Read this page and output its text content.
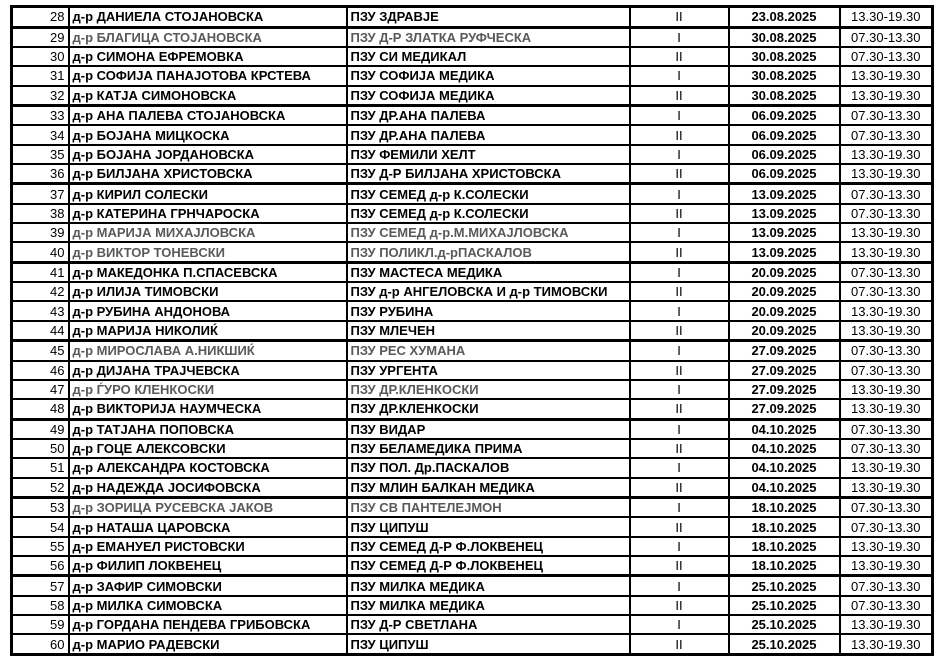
28	д-р ДАНИЕЛА СТОЈАНОВСКА	ПЗУ ЗДРАВЈЕ	II	23.08.2025	13.30-19.30
29	д-р БЛАГИЦА СТОЈАНОВСКА	ПЗУ Д-Р ЗЛАТКА РУФЧЕСКА	I	30.08.2025	07.30-13.30
30	д-р СИМОНА ЕФРЕМОВКА	ПЗУ СИ МЕДИКАЛ	II	30.08.2025	07.30-13.30
31	д-р СОФИЈА ПАНАЈОТОВА КРСТЕВА	ПЗУ СОФИЈА МЕДИКА	I	30.08.2025	13.30-19.30
32	д-р КАТЈА СИМОНОВСКА	ПЗУ СОФИЈА МЕДИКА	II	30.08.2025	13.30-19.30
33	д-р АНА ПАЛЕВА СТОЈАНОВСКА	ПЗУ ДР.АНА ПАЛЕВА	I	06.09.2025	07.30-13.30
34	д-р БОЈАНА МИЦКОСКА	ПЗУ ДР.АНА ПАЛЕВА	II	06.09.2025	07.30-13.30
35	д-р БОЈАНА ЈОРДАНОВСКА	ПЗУ ФЕМИЛИ ХЕЛТ	I	06.09.2025	13.30-19.30
36	д-р БИЛЈАНА ХРИСТОВСКА	ПЗУ Д-Р БИЛЈАНА ХРИСТОВСКА	II	06.09.2025	13.30-19.30
37	д-р КИРИЛ СОЛЕСКИ	ПЗУ СЕМЕД д-р К.СОЛЕСКИ	I	13.09.2025	07.30-13.30
38	д-р КАТЕРИНА ГРНЧАРОСКА	ПЗУ СЕМЕД д-р К.СОЛЕСКИ	II	13.09.2025	07.30-13.30
39	д-р МАРИЈА МИХАЈЛОВСКА	ПЗУ СЕМЕД д-р.М.МИХАЈЛОВСКА	I	13.09.2025	13.30-19.30
40	д-р ВИКТОР ТОНЕВСКИ	ПЗУ ПОЛИКЛ.д-рПАСКАЛОВ	II	13.09.2025	13.30-19.30
41	д-р МАКЕДОНКА П.СПАСЕВСКА	ПЗУ МАСТЕСА МЕДИКА	I	20.09.2025	07.30-13.30
42	д-р ИЛИЈА ТИМОВСКИ	ПЗУ д-р АНГЕЛОВСКА И д-р ТИМОВСКИ	II	20.09.2025	07.30-13.30
43	д-р РУБИНА АНДОНОВА	ПЗУ РУБИНА	I	20.09.2025	13.30-19.30
44	д-р МАРИЈА НИКОЛИЌ	ПЗУ МЛЕЧЕН	II	20.09.2025	13.30-19.30
45	д-р МИРОСЛАВА А.НИКШИЌ	ПЗУ РЕС ХУМАНА	I	27.09.2025	07.30-13.30
46	д-р ДИЈАНА ТРАЈЧЕВСКА	ПЗУ УРГЕНТА	II	27.09.2025	07.30-13.30
47	д-р ЃУРО КЛЕНКОСКИ	ПЗУ ДР.КЛЕНКОСКИ	I	27.09.2025	13.30-19.30
48	д-р ВИКТОРИЈА НАУМЧЕСКА	ПЗУ ДР.КЛЕНКОСКИ	II	27.09.2025	13.30-19.30
49	д-р ТАТЈАНА ПОПОВСКА	ПЗУ ВИДАР	I	04.10.2025	07.30-13.30
50	д-р ГОЦЕ АЛЕКСОВСКИ	ПЗУ БЕЛАМЕДИКА ПРИМА	II	04.10.2025	07.30-13.30
51	д-р АЛЕКСАНДРА КОСТОВСКА	ПЗУ ПОЛ. Др.ПАСКАЛОВ	I	04.10.2025	13.30-19.30
52	д-р НАДЕЖДА ЈОСИФОВСКА	ПЗУ МЛИН БАЛКАН МЕДИКА	II	04.10.2025	13.30-19.30
53	д-р ЗОРИЦА РУСЕВСКА ЈАКОВ	ПЗУ СВ ПАНТЕЛЕЈМОН	I	18.10.2025	07.30-13.30
54	д-р НАТАША ЦАРОВСКА	ПЗУ ЦИПУШ	II	18.10.2025	07.30-13.30
55	д-р ЕМАНУЕЛ РИСТОВСКИ	ПЗУ СЕМЕД Д-Р Ф.ЛОКВЕНЕЦ	I	18.10.2025	13.30-19.30
56	д-р ФИЛИП ЛОКВЕНЕЦ	ПЗУ СЕМЕД Д-Р Ф.ЛОКВЕНЕЦ	II	18.10.2025	13.30-19.30
57	д-р ЗАФИР СИМОВСКИ	ПЗУ МИЛКА МЕДИКА	I	25.10.2025	07.30-13.30
58	д-р МИЛКА СИМОВСКА	ПЗУ МИЛКА МЕДИКА	II	25.10.2025	07.30-13.30
59	д-р ГОРДАНА ПЕНДЕВА ГРИБОВСКА	ПЗУ Д-Р СВЕТЛАНА	I	25.10.2025	13.30-19.30
60	д-р МАРИО РАДЕВСКИ	ПЗУ ЦИПУШ	II	25.10.2025	13.30-19.30
